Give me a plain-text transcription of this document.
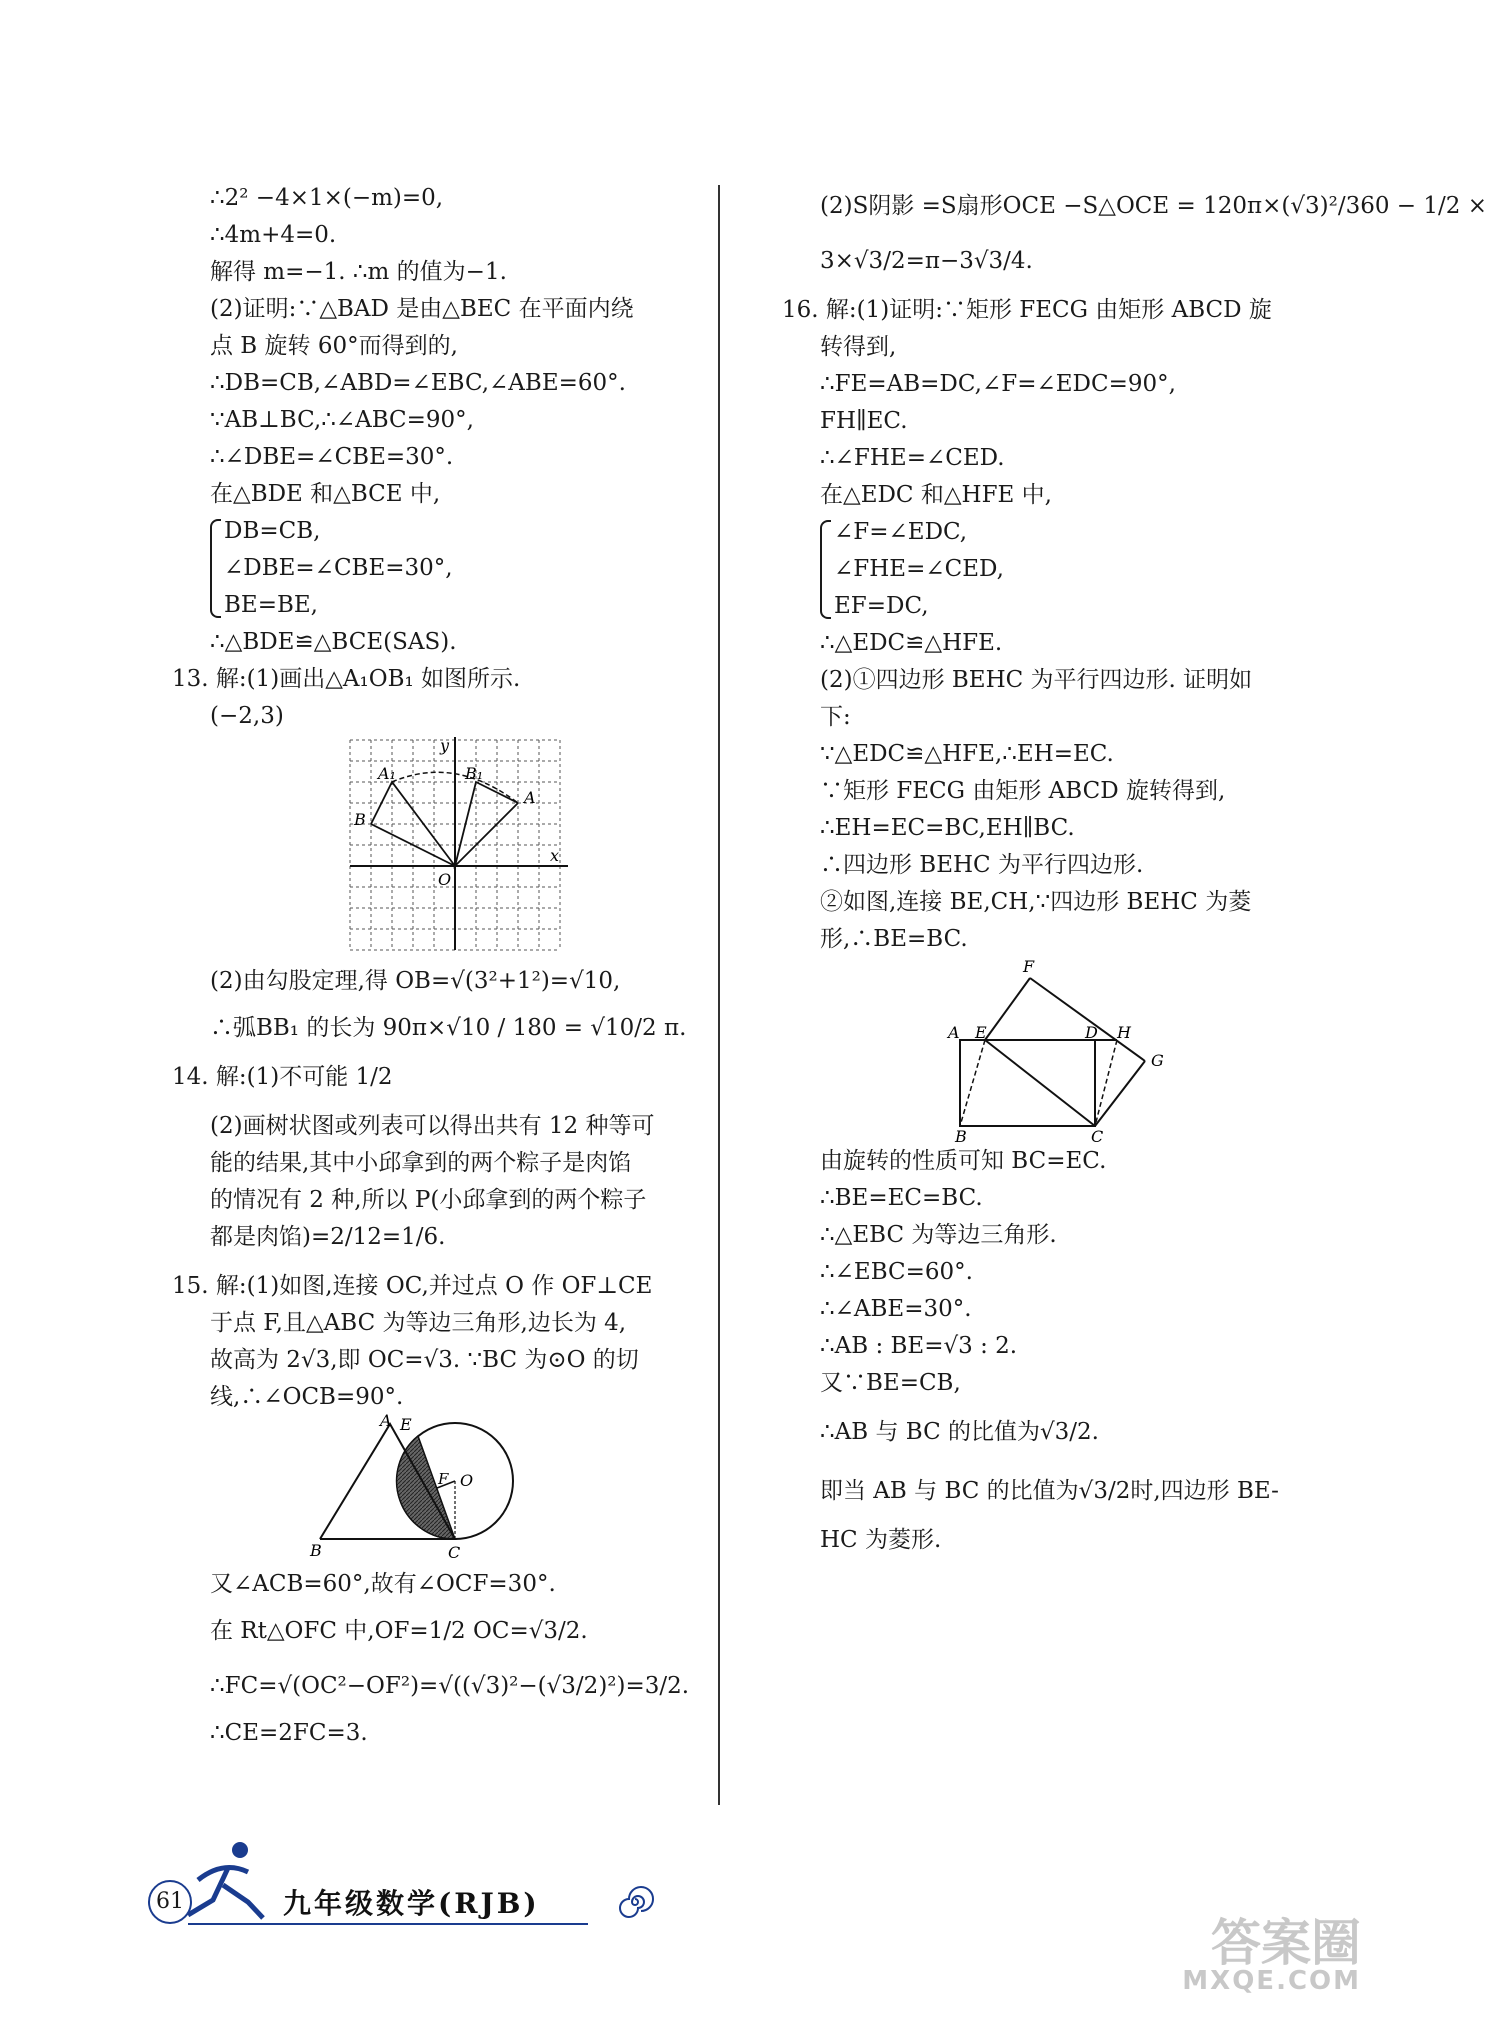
∴2² −4×1×(−m)=0,
∴4m+4=0.
解得 m=−1. ∴m 的值为−1.
(2)证明:∵△BAD 是由△BEC 在平面内绕
点 B 旋转 60°而得到的,
∴DB=CB,∠ABD=∠EBC,∠ABE=60°.
∵AB⊥BC,∴∠ABC=90°,
∴∠DBE=∠CBE=30°.
在△BDE 和△BCE 中,
DB=CB,
∠DBE=∠CBE=30°,
BE=BE,
∴△BDE≌△BCE(SAS).
13. 解:(1)画出△A₁OB₁ 如图所示.
(−2,3)
y
x
O
A₁	B₁
B
A
(2)由勾股定理,得 OB=√(3²+1²)=√10,
∴弧BB₁ 的长为 90π×√10 / 180 = √10/2 π.
14. 解:(1)不可能 1/2
(2)画树状图或列表可以得出共有 12 种等可
能的结果,其中小邱拿到的两个粽子是肉馅
的情况有 2 种,所以 P(小邱拿到的两个粽子
都是肉馅)=2/12=1/6.
15. 解:(1)如图,连接 OC,并过点 O 作 OF⊥CE
于点 F,且△ABC 为等边三角形,边长为 4,
故高为 2√3,即 OC=√3. ∵BC 为⊙O 的切
线,∴∠OCB=90°.
A E
F O
B	C
又∠ACB=60°,故有∠OCF=30°.
在 Rt△OFC 中,OF=1/2 OC=√3/2.
∴FC=√(OC²−OF²)=√((√3)²−(√3/2)²)=3/2.
∴CE=2FC=3.
(2)S阴影 =S扇形OCE −S△OCE = 120π×(√3)²/360 − 1/2 ×
3×√3/2=π−3√3/4.
16. 解:(1)证明:∵矩形 FECG 由矩形 ABCD 旋
转得到,
∴FE=AB=DC,∠F=∠EDC=90°,
FH∥EC.
∴∠FHE=∠CED.
在△EDC 和△HFE 中,
∠F=∠EDC,
∠FHE=∠CED,
EF=DC,
∴△EDC≌△HFE.
(2)①四边形 BEHC 为平行四边形. 证明如
下:
∵△EDC≌△HFE,∴EH=EC.
∵矩形 FECG 由矩形 ABCD 旋转得到,
∴EH=EC=BC,EH∥BC.
∴四边形 BEHC 为平行四边形.
②如图,连接 BE,CH,∵四边形 BEHC 为菱
形,∴BE=BC.
F
A E	D H
G
B	C
由旋转的性质可知 BC=EC.
∴BE=EC=BC.
∴△EBC 为等边三角形.
∴∠EBC=60°.
∴∠ABE=30°.
∴AB : BE=√3 : 2.
又∵BE=CB,
∴AB 与 BC 的比值为√3/2.
即当 AB 与 BC 的比值为√3/2时,四边形 BE-
HC 为菱形.
61	九年级数学(RJB)
答案圈
MXQE.COM
